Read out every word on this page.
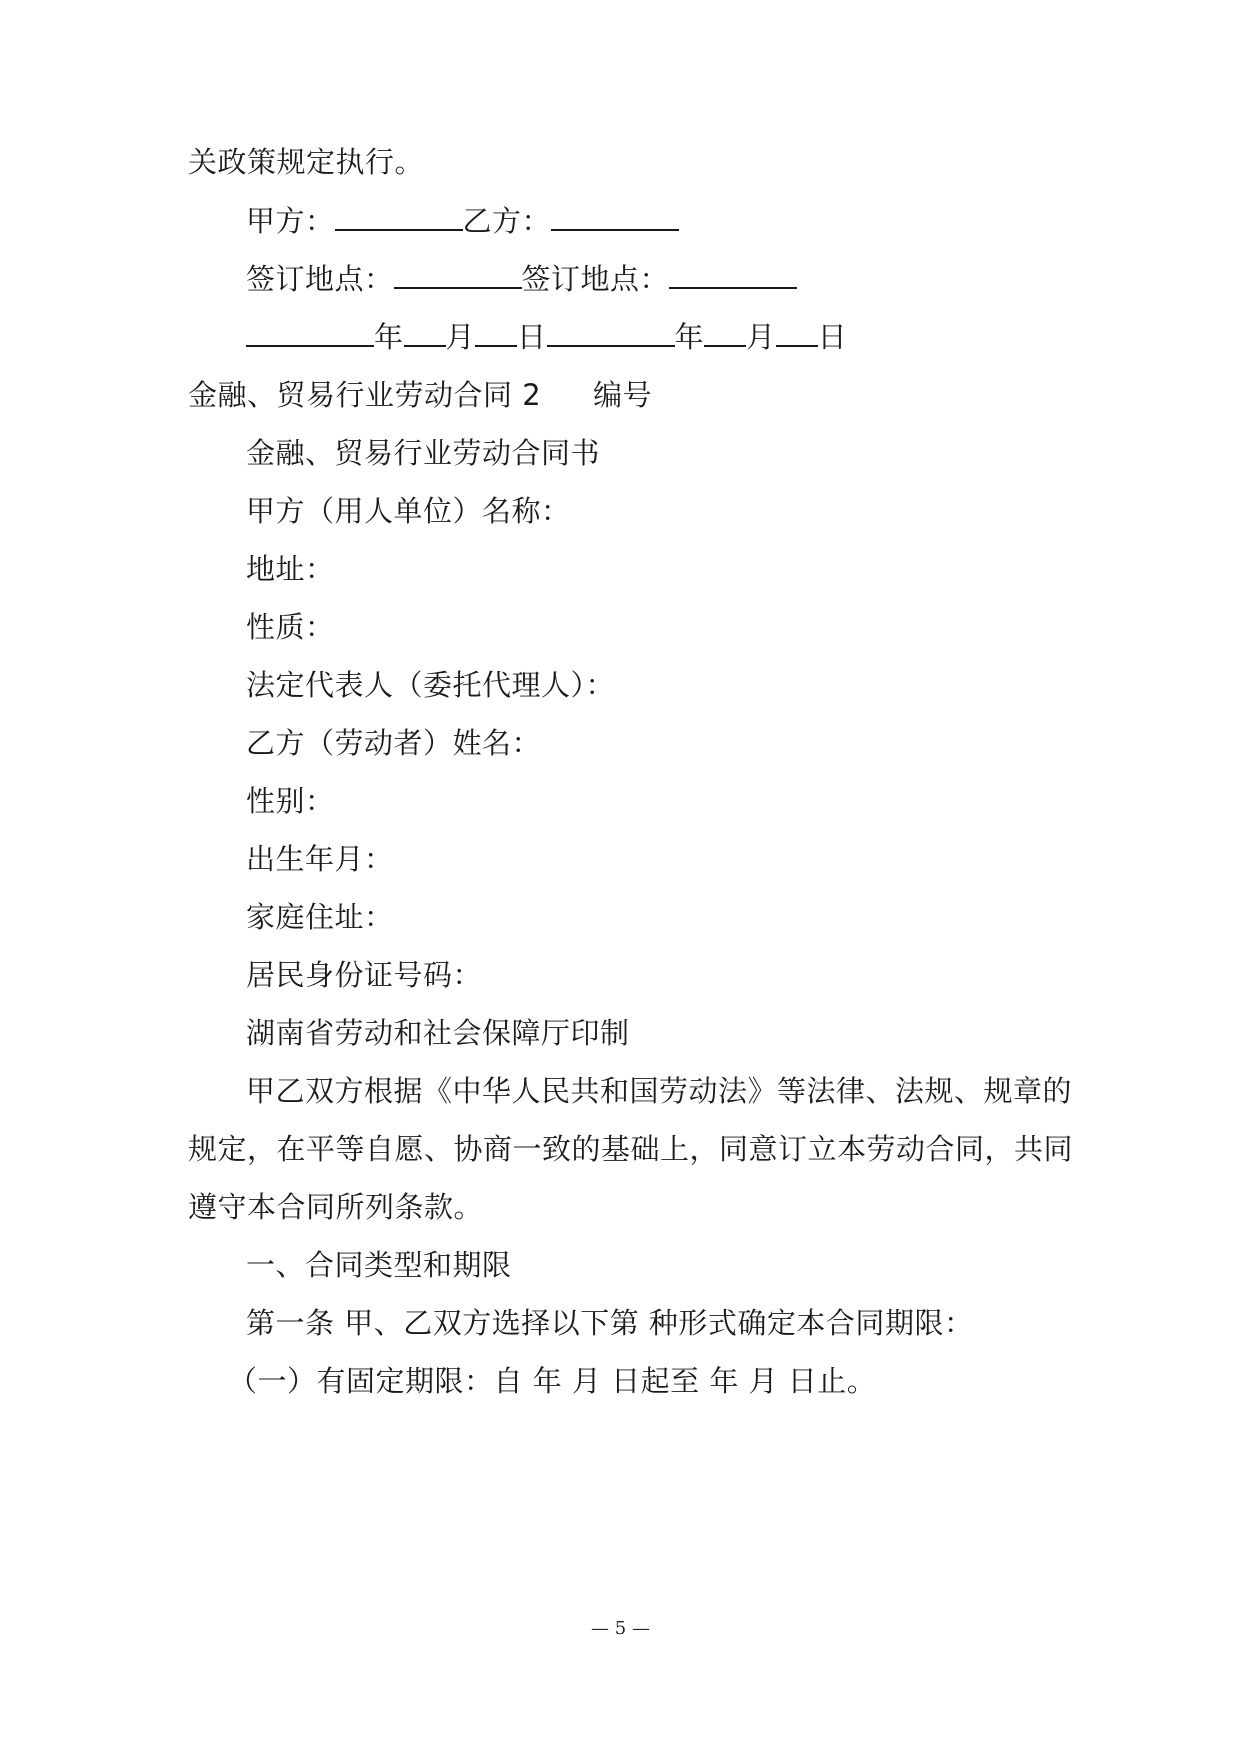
关政策规定执行。
甲方：	乙方：
签订地点：	签订地点：
年 月 日	年 月 日
金融、贸易行业劳动合同 2 编号
金融、贸易行业劳动合同书
甲方（用人单位）名称：
地址：
性质：
法定代表人（委托代理人）：
乙方（劳动者）姓名：
性别：
出生年月：
家庭住址：
居民身份证号码：
湖南省劳动和社会保障厅印制
甲乙双方根据《中华人民共和国劳动法》等法律、法规、规章的
规定，在平等自愿、协商一致的基础上，同意订立本劳动合同，共同
遵守本合同所列条款。
一、合同类型和期限
第一条 甲、乙双方选择以下第 种形式确定本合同期限：
（一）有固定期限：自 年 月 日起至 年 月 日止。
— 5 —
